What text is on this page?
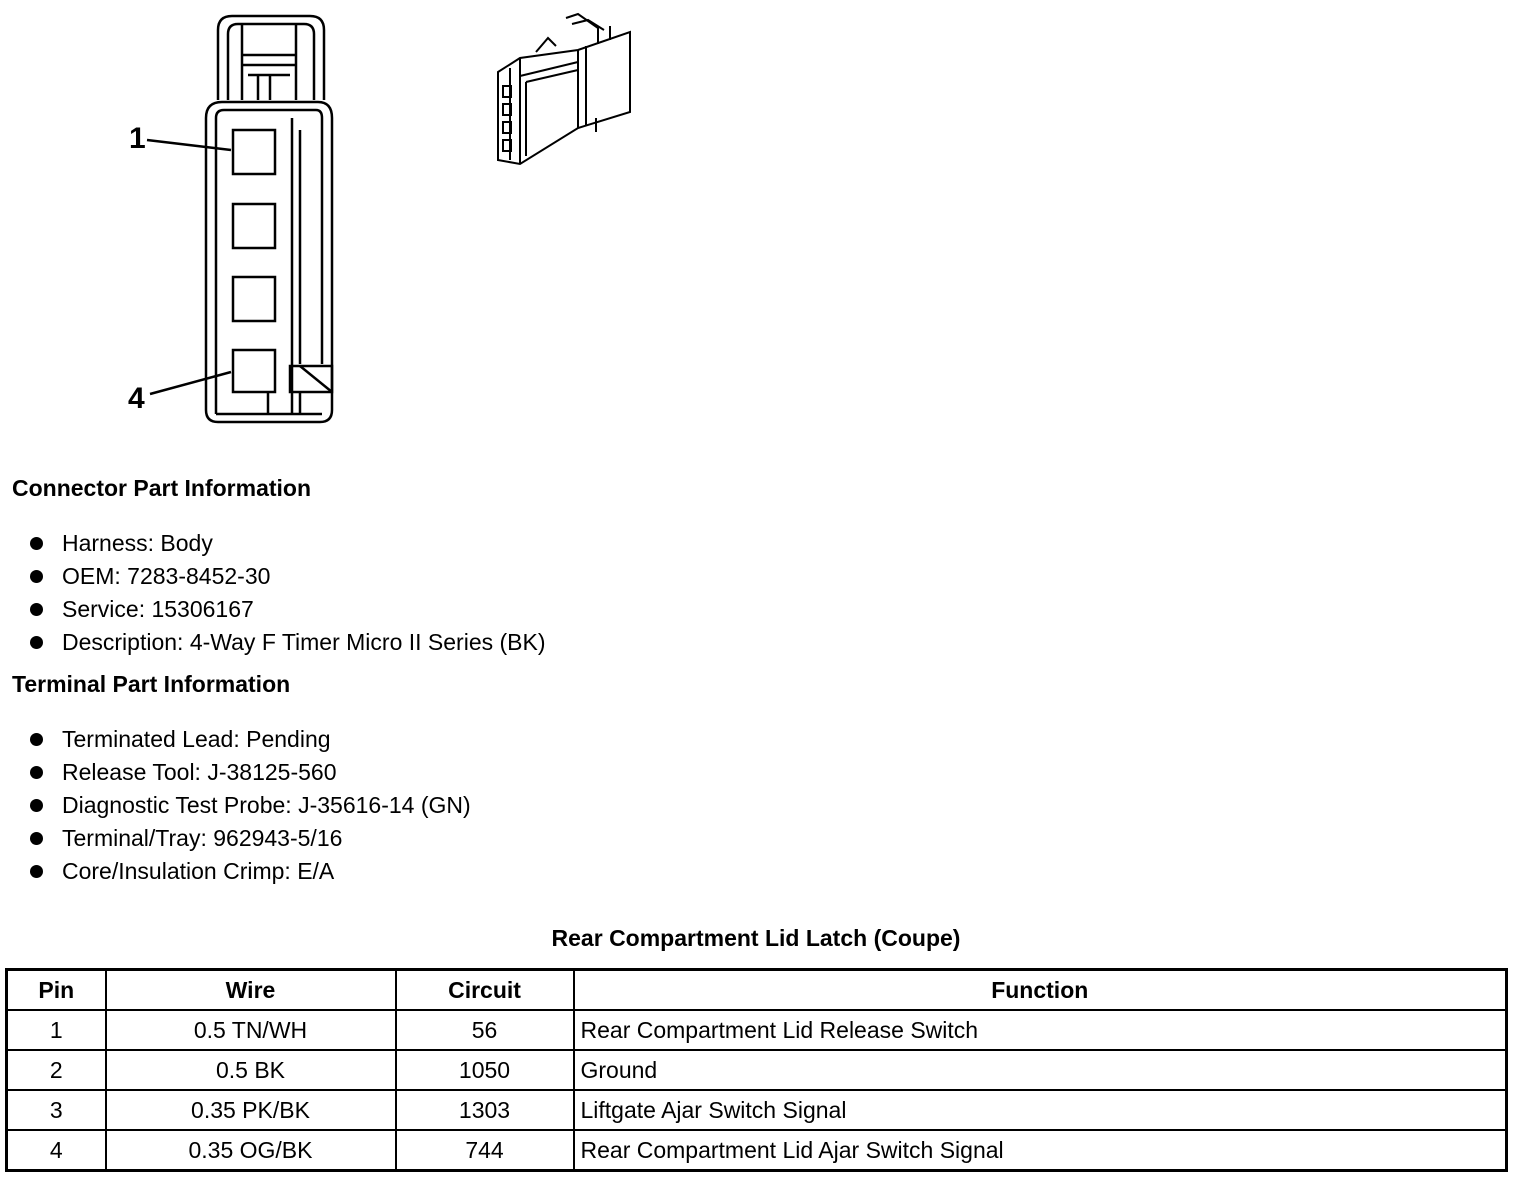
1
4
Connector Part Information
Harness: Body
OEM: 7283-8452-30
Service: 15306167
Description: 4-Way F Timer Micro II Series (BK)
Terminal Part Information
Terminated Lead: Pending
Release Tool: J-38125-560
Diagnostic Test Probe: J-35616-14 (GN)
Terminal/Tray: 962943-5/16
Core/Insulation Crimp: E/A
Rear Compartment Lid Latch (Coupe)
Pin	Wire	Circuit	Function
1	0.5 TN/WH	56	Rear Compartment Lid Release Switch
2	0.5 BK	1050	Ground
3	0.35 PK/BK	1303	Liftgate Ajar Switch Signal
4	0.35 OG/BK	744	Rear Compartment Lid Ajar Switch Signal
